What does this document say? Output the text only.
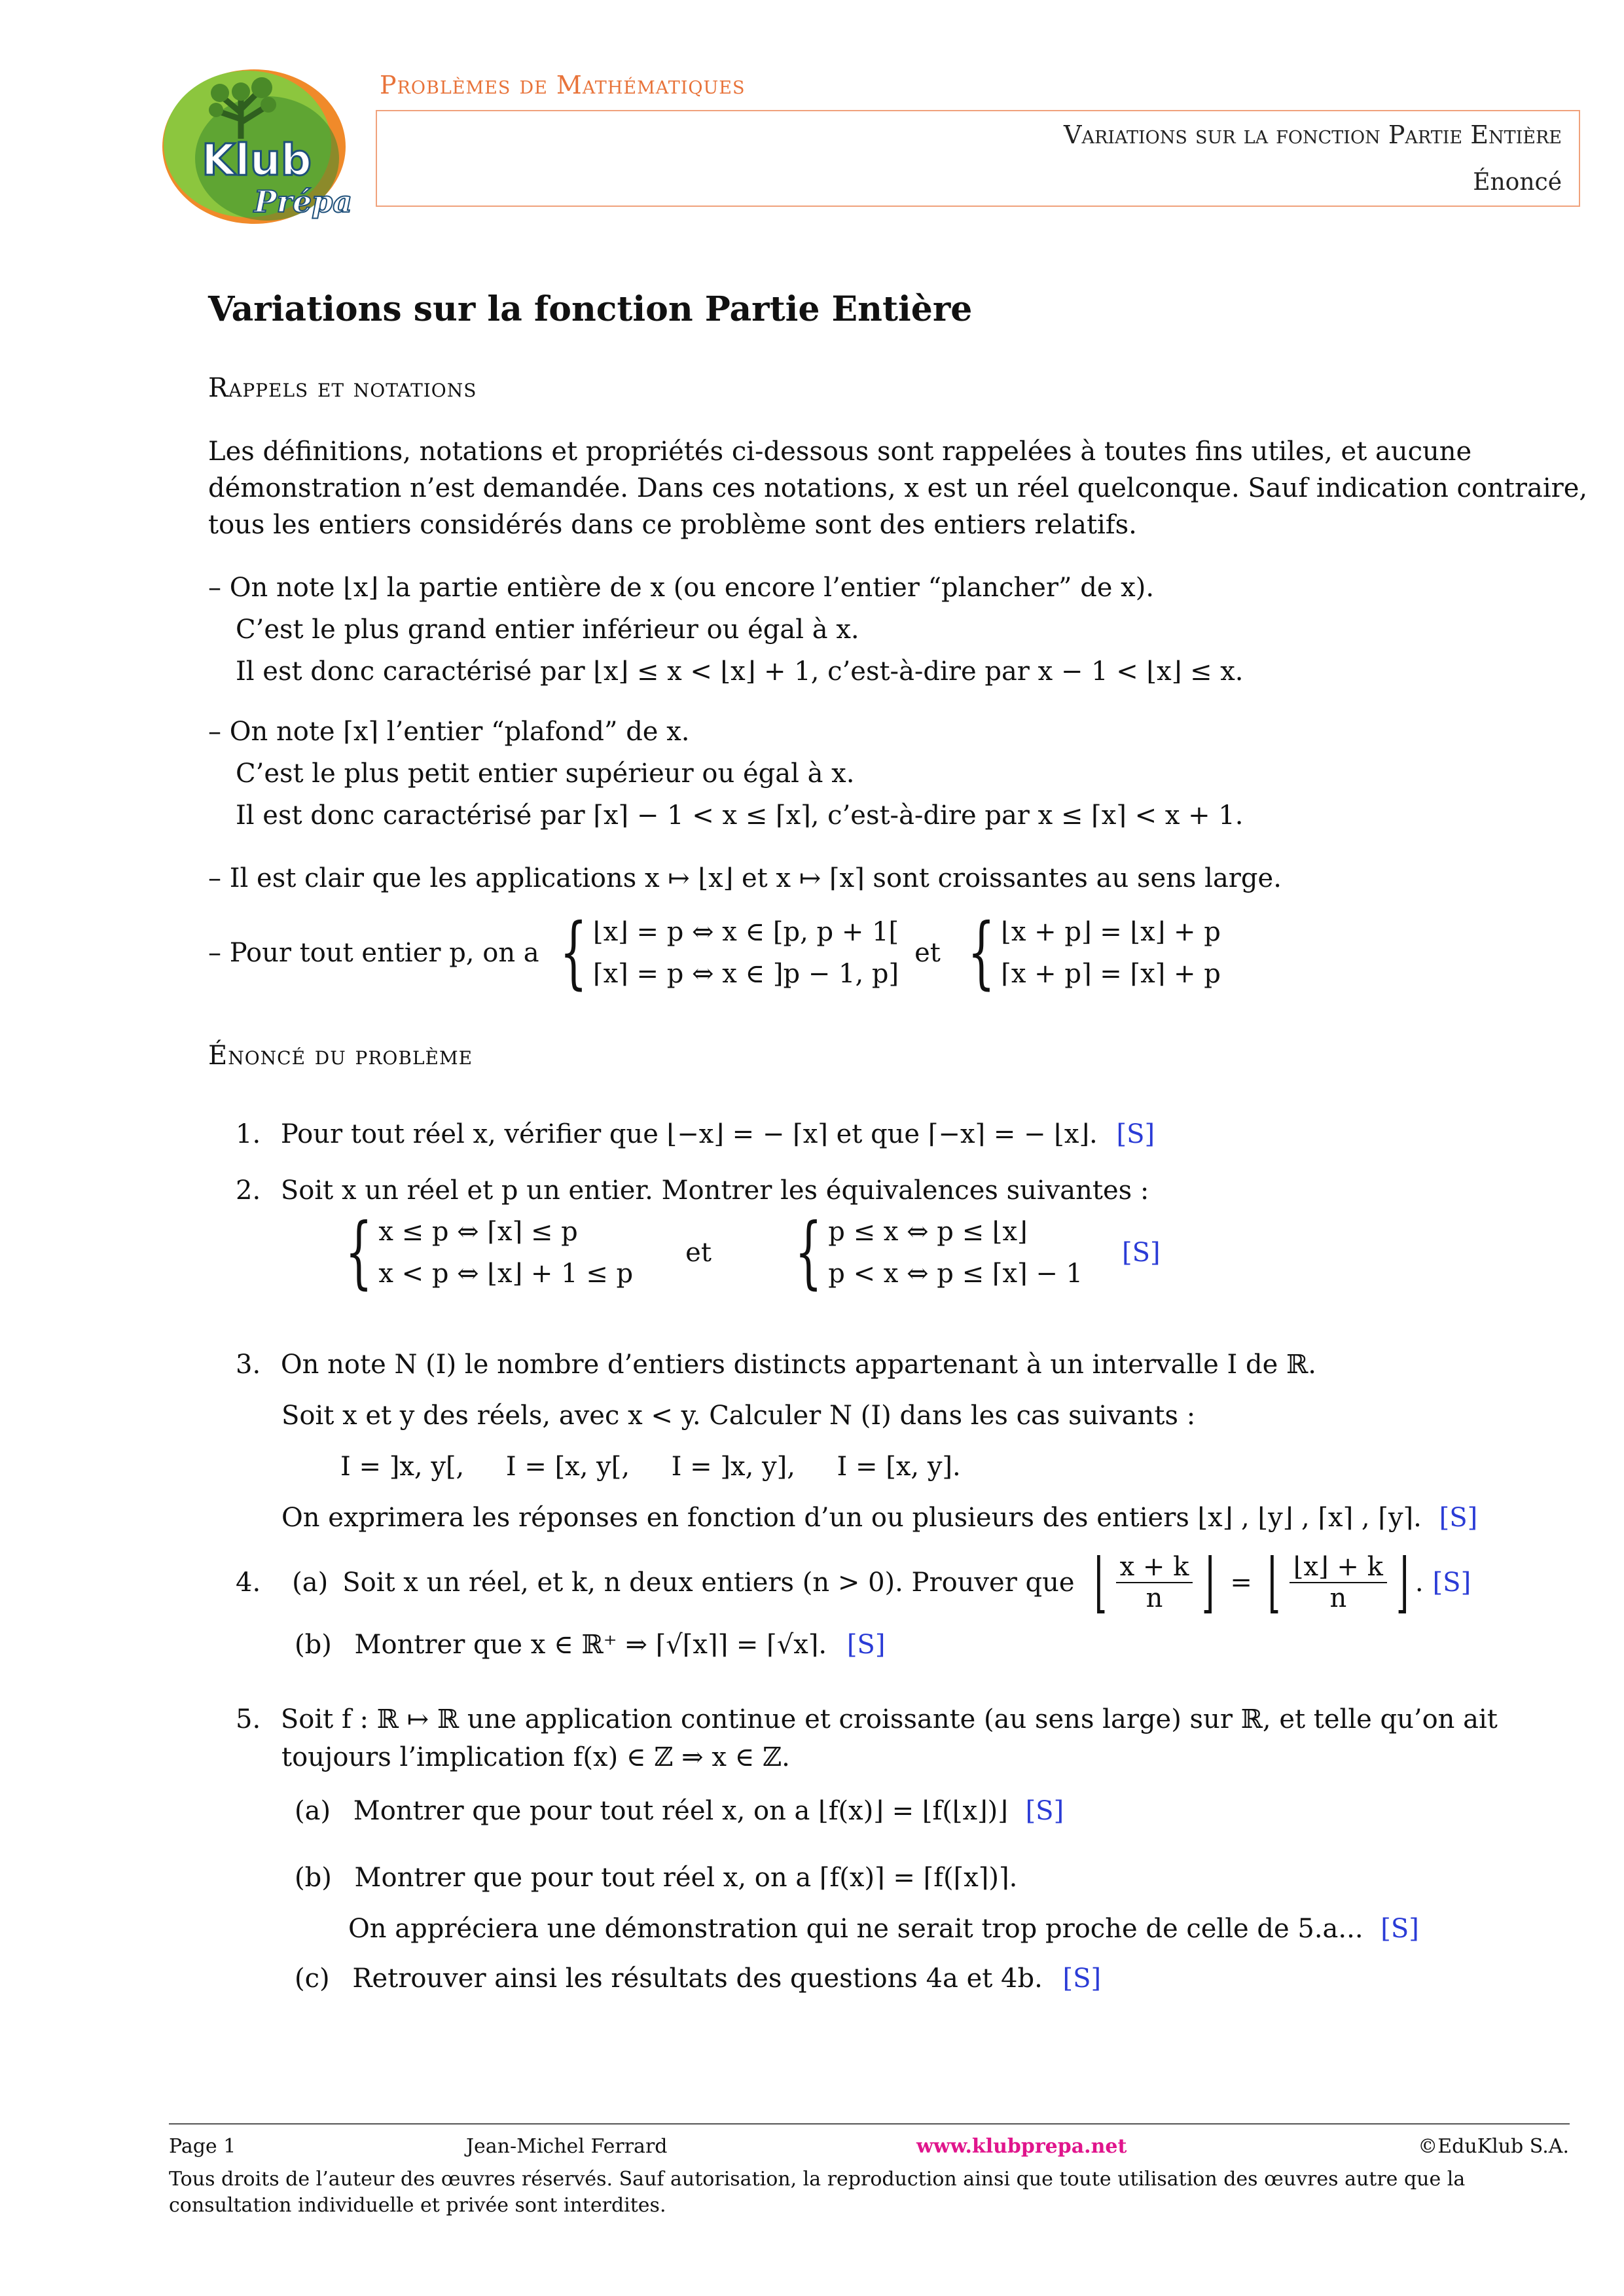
Klub
Prépa
Problèmes de Mathématiques
Variations sur la fonction Partie Entière
Énoncé
Variations sur la fonction Partie Entière
Rappels et notations
Les définitions, notations et propriétés ci-dessous sont rappelées à toutes fins utiles, et aucune démonstration n’est demandée. Dans ces notations, x est un réel quelconque. Sauf indication contraire, tous les entiers considérés dans ce problème sont des entiers relatifs.
– On note ⌊x⌋ la partie entière de x (ou encore l’entier “plancher” de x).
C’est le plus grand entier inférieur ou égal à x.
Il est donc caractérisé par ⌊x⌋ ≤ x < ⌊x⌋ + 1, c’est-à-dire par x − 1 < ⌊x⌋ ≤ x.
– On note ⌈x⌉ l’entier “plafond” de x.
C’est le plus petit entier supérieur ou égal à x.
Il est donc caractérisé par ⌈x⌉ − 1 < x ≤ ⌈x⌉, c’est-à-dire par x ≤ ⌈x⌉ < x + 1.
– Il est clair que les applications x ↦ ⌊x⌋ et x ↦ ⌈x⌉ sont croissantes au sens large.
– Pour tout entier p, on a { ⌊x⌋ = p ⇔ x ∈ [p, p + 1[
⌈x⌉ = p ⇔ x ∈ ]p − 1, p]
et { ⌊x + p⌋ = ⌊x⌋ + p
⌈x + p⌉ = ⌈x⌉ + p
Énoncé du problème
1. Pour tout réel x, vérifier que ⌊−x⌋ = − ⌈x⌉ et que ⌈−x⌉ = − ⌊x⌋. [S]
2. Soit x un réel et p un entier. Montrer les équivalences suivantes :
{ x ≤ p ⇔ ⌈x⌉ ≤ p
x < p ⇔ ⌊x⌋ + 1 ≤ p
et { p ≤ x ⇔ p ≤ ⌊x⌋
p < x ⇔ p ≤ ⌈x⌉ − 1
[S]
3. On note N (I) le nombre d’entiers distincts appartenant à un intervalle I de ℝ.
Soit x et y des réels, avec x < y. Calculer N (I) dans les cas suivants :
I = ]x, y[,     I = [x, y[,     I = ]x, y],     I = [x, y].
On exprimera les réponses en fonction d’un ou plusieurs des entiers ⌊x⌋ , ⌊y⌋ , ⌈x⌉ , ⌈y⌉. [S]
4. (a) Soit x un réel, et k, n deux entiers (n > 0). Prouver que ⌊ $\frac{x + k}{n}$ ⌋ = ⌊ $\frac{⌊x⌋ + k}{n}$ ⌋ . [S]
(b) Montrer que x ∈ ℝ⁺ ⇒ ⌈√⌈x⌉⌉ = ⌈√x⌉. [S]
5. Soit f : ℝ ↦ ℝ une application continue et croissante (au sens large) sur ℝ, et telle qu’on ait
toujours l’implication f(x) ∈ ℤ ⇒ x ∈ ℤ.
(a) Montrer que pour tout réel x, on a ⌊f(x)⌋ = ⌊f(⌊x⌋)⌋ [S]
(b) Montrer que pour tout réel x, on a ⌈f(x)⌉ = ⌈f(⌈x⌉)⌉.
On appréciera une démonstration qui ne serait trop proche de celle de 5.a... [S]
(c) Retrouver ainsi les résultats des questions 4a et 4b. [S]
Page 1	Jean-Michel Ferrard	www.klubprepa.net	©EduKlub S.A.
Tous droits de l’auteur des œuvres réservés. Sauf autorisation, la reproduction ainsi que toute utilisation des œuvres autre que la consultation individuelle et privée sont interdites.
